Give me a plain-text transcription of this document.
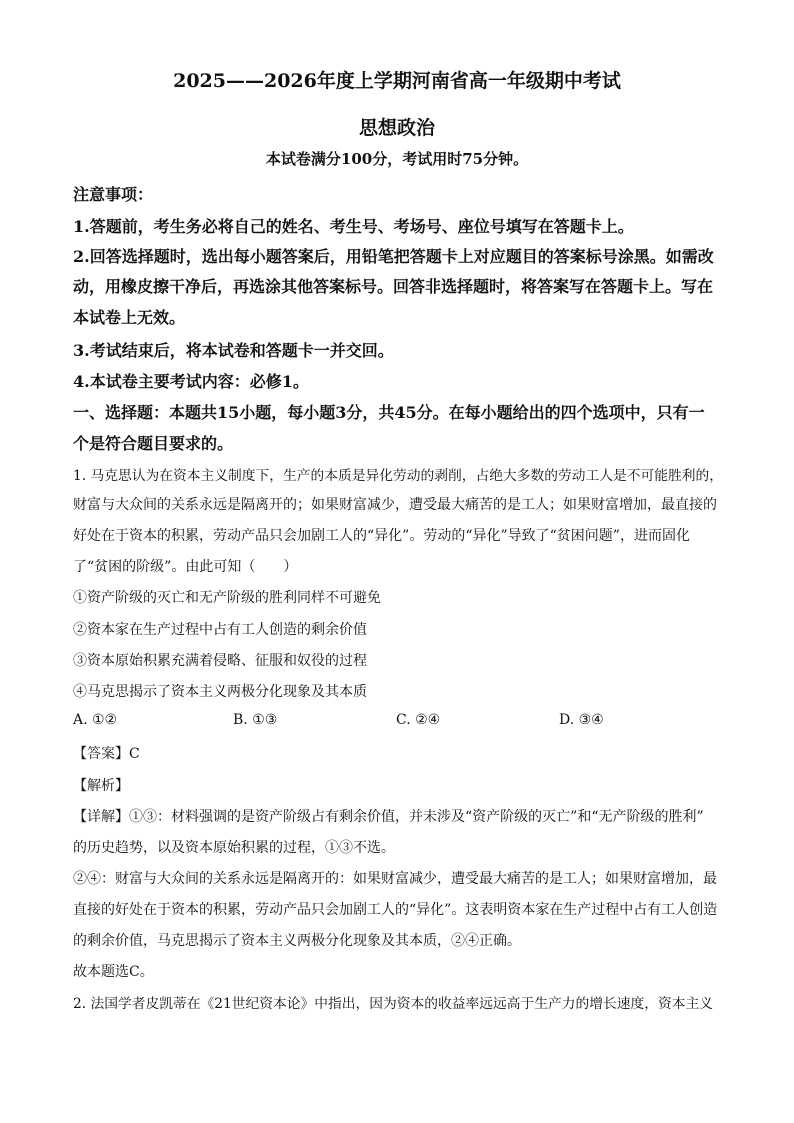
2025——2026年度上学期河南省高一年级期中考试
思想政治
本试卷满分100分，考试用时75分钟。
注意事项：
1.答题前，考生务必将自己的姓名、考生号、考场号、座位号填写在答题卡上。
2.回答选择题时，选出每小题答案后，用铅笔把答题卡上对应题目的答案标号涂黑。如需改
动，用橡皮擦干净后，再选涂其他答案标号。回答非选择题时，将答案写在答题卡上。写在
本试卷上无效。
3.考试结束后，将本试卷和答题卡一并交回。
4.本试卷主要考试内容：必修1。
一、选择题：本题共15小题，每小题3分，共45分。在每小题给出的四个选项中，只有一
个是符合题目要求的。
1. 马克思认为在资本主义制度下，生产的本质是异化劳动的剥削，占绝大多数的劳动工人是不可能胜利的，
财富与大众间的关系永远是隔离开的；如果财富减少，遭受最大痛苦的是工人；如果财富增加，最直接的
好处在于资本的积累，劳动产品只会加剧工人的“异化”。劳动的“异化”导致了“贫困问题”，进而固化
了“贫困的阶级”。由此可知（　　）
①资产阶级的灭亡和无产阶级的胜利同样不可避免
②资本家在生产过程中占有工人创造的剩余价值
③资本原始积累充满着侵略、征服和奴役的过程
④马克思揭示了资本主义两极分化现象及其本质
A. ①②	B. ①③	C. ②④	D. ③④
【答案】C
【解析】
【详解】①③：材料强调的是资产阶级占有剩余价值，并未涉及“资产阶级的灭亡”和“无产阶级的胜利”
的历史趋势，以及资本原始积累的过程，①③不选。
②④：财富与大众间的关系永远是隔离开的：如果财富减少，遭受最大痛苦的是工人；如果财富增加，最
直接的好处在于资本的积累，劳动产品只会加剧工人的“异化”。这表明资本家在生产过程中占有工人创造
的剩余价值，马克思揭示了资本主义两极分化现象及其本质，②④正确。
故本题选C。
2. 法国学者皮凯蒂在《21世纪资本论》中指出，因为资本的收益率远远高于生产力的增长速度，资本主义
